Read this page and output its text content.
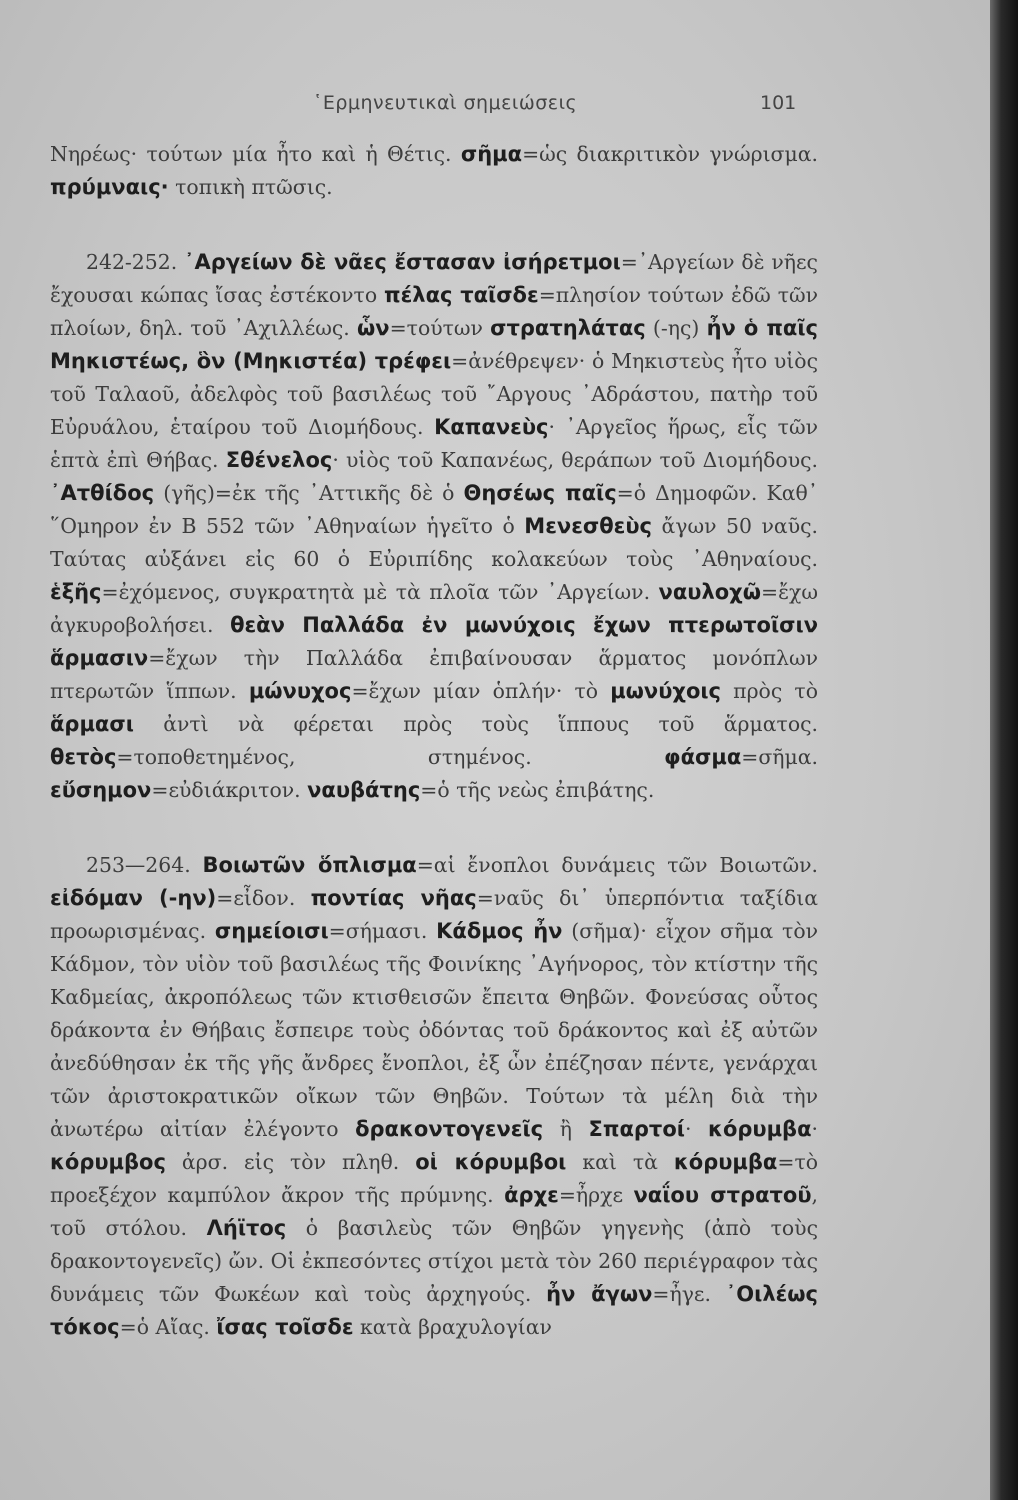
῾Ερμηνευτικαὶ σημειώσεις	101

Νηρέως· τούτων μία ἦτο καὶ ἡ Θέτις. σῆμα=ὡς διακριτικὸν γνώρισμα. πρύμναις· τοπικὴ πτῶσις.

242-252. ᾿Αργείων δὲ νᾶες ἔστασαν ἰσήρετμοι=᾿Αργείων δὲ νῆες ἔχουσαι κώπας ἴσας ἐστέκοντο πέλας ταῖσδε=πλησίον τούτων ἐδῶ τῶν πλοίων, δηλ. τοῦ ᾿Αχιλλέως. ὧν=τούτων στρατηλάτας (-ης) ἦν ὁ παῖς Μηκιστέως, ὃν (Μηκιστέα) τρέφει=ἀνέθρεψεν· ὁ Μηκιστεὺς ἦτο υἱὸς τοῦ Ταλαοῦ, ἀδελφὸς τοῦ βασιλέως τοῦ ῎Αργους ᾿Αδράστου, πατὴρ τοῦ Εὐρυάλου, ἑταίρου τοῦ Διομήδους. Καπανεὺς· ᾿Αργεῖος ἥρως, εἷς τῶν ἑπτὰ ἐπὶ Θήβας. Σθένελος· υἱὸς τοῦ Καπανέως, θεράπων τοῦ Διομήδους. ᾿Ατθίδος (γῆς)=ἐκ τῆς ᾿Αττικῆς δὲ ὁ Θησέως παῖς=ὁ Δημοφῶν. Καθ᾿ ῞Ομηρον ἐν Β 552 τῶν ᾿Αθηναίων ἡγεῖτο ὁ Μενεσθεὺς ἄγων 50 ναῦς. Ταύτας αὐξάνει εἰς 60 ὁ Εὐριπίδης κολακεύων τοὺς ᾿Αθηναίους. ἑξῆς=ἐχόμενος, συγκρατητὰ μὲ τὰ πλοῖα τῶν ᾿Αργείων. ναυλοχῶ=ἔχω ἀγκυροβολήσει. θεὰν Παλλάδα ἐν μωνύχοις ἔχων πτερωτοῖσιν ἅρμασιν=ἔχων τὴν Παλλάδα ἐπιβαίνουσαν ἅρματος μονόπλων πτερωτῶν ἵππων. μώνυχος=ἔχων μίαν ὁπλήν· τὸ μωνύχοις πρὸς τὸ ἅρμασι ἀντὶ νὰ φέρεται πρὸς τοὺς ἵππους τοῦ ἅρματος. θετὸς=τοποθετημένος, στημένος. φάσμα=σῆμα. εὔσημον=εὐδιάκριτον. ναυβάτης=ὁ τῆς νεὼς ἐπιβάτης.

253—264. Βοιωτῶν ὅπλισμα=αἱ ἔνοπλοι δυνάμεις τῶν Βοιωτῶν. εἰδόμαν (-ην)=εἶδον. ποντίας νῆας=ναῦς δι᾿ ὑπερπόντια ταξίδια προωρισμένας. σημείοισι=σήμασι. Κάδμος ἦν (σῆμα)· εἶχον σῆμα τὸν Κάδμον, τὸν υἱὸν τοῦ βασιλέως τῆς Φοινίκης ᾿Αγήνορος, τὸν κτίστην τῆς Καδμείας, ἀκροπόλεως τῶν κτισθεισῶν ἔπειτα Θηβῶν. Φονεύσας οὗτος δράκοντα ἐν Θήβαις ἔσπειρε τοὺς ὀδόντας τοῦ δράκοντος καὶ ἐξ αὐτῶν ἀνεδύθησαν ἐκ τῆς γῆς ἄνδρες ἔνοπλοι, ἐξ ὧν ἐπέζησαν πέντε, γενάρχαι τῶν ἀριστοκρατικῶν οἴκων τῶν Θηβῶν. Τούτων τὰ μέλη διὰ τὴν ἀνωτέρω αἰτίαν ἐλέγοντο δρακοντογενεῖς ἢ Σπαρτοί· κόρυμβα· κόρυμβος ἀρσ. εἰς τὸν πληθ. οἱ κόρυμβοι καὶ τὰ κόρυμβα=τὸ προεξέχον καμπύλον ἄκρον τῆς πρύμνης. ἀρχε=ἦρχε ναΐου στρατοῦ, τοῦ στόλου. Λήϊτος ὁ βασιλεὺς τῶν Θηβῶν γηγενὴς (ἀπὸ τοὺς δρακοντογενεῖς) ὤν. Οἱ ἐκπεσόντες στίχοι μετὰ τὸν 260 περιέγραφον τὰς δυνάμεις τῶν Φωκέων καὶ τοὺς ἀρχηγούς. ἦν ἄγων=ἦγε. ᾿Οιλέως τόκος=ὁ Αἴας. ἴσας τοῖσδε κατὰ βραχυλογίαν
